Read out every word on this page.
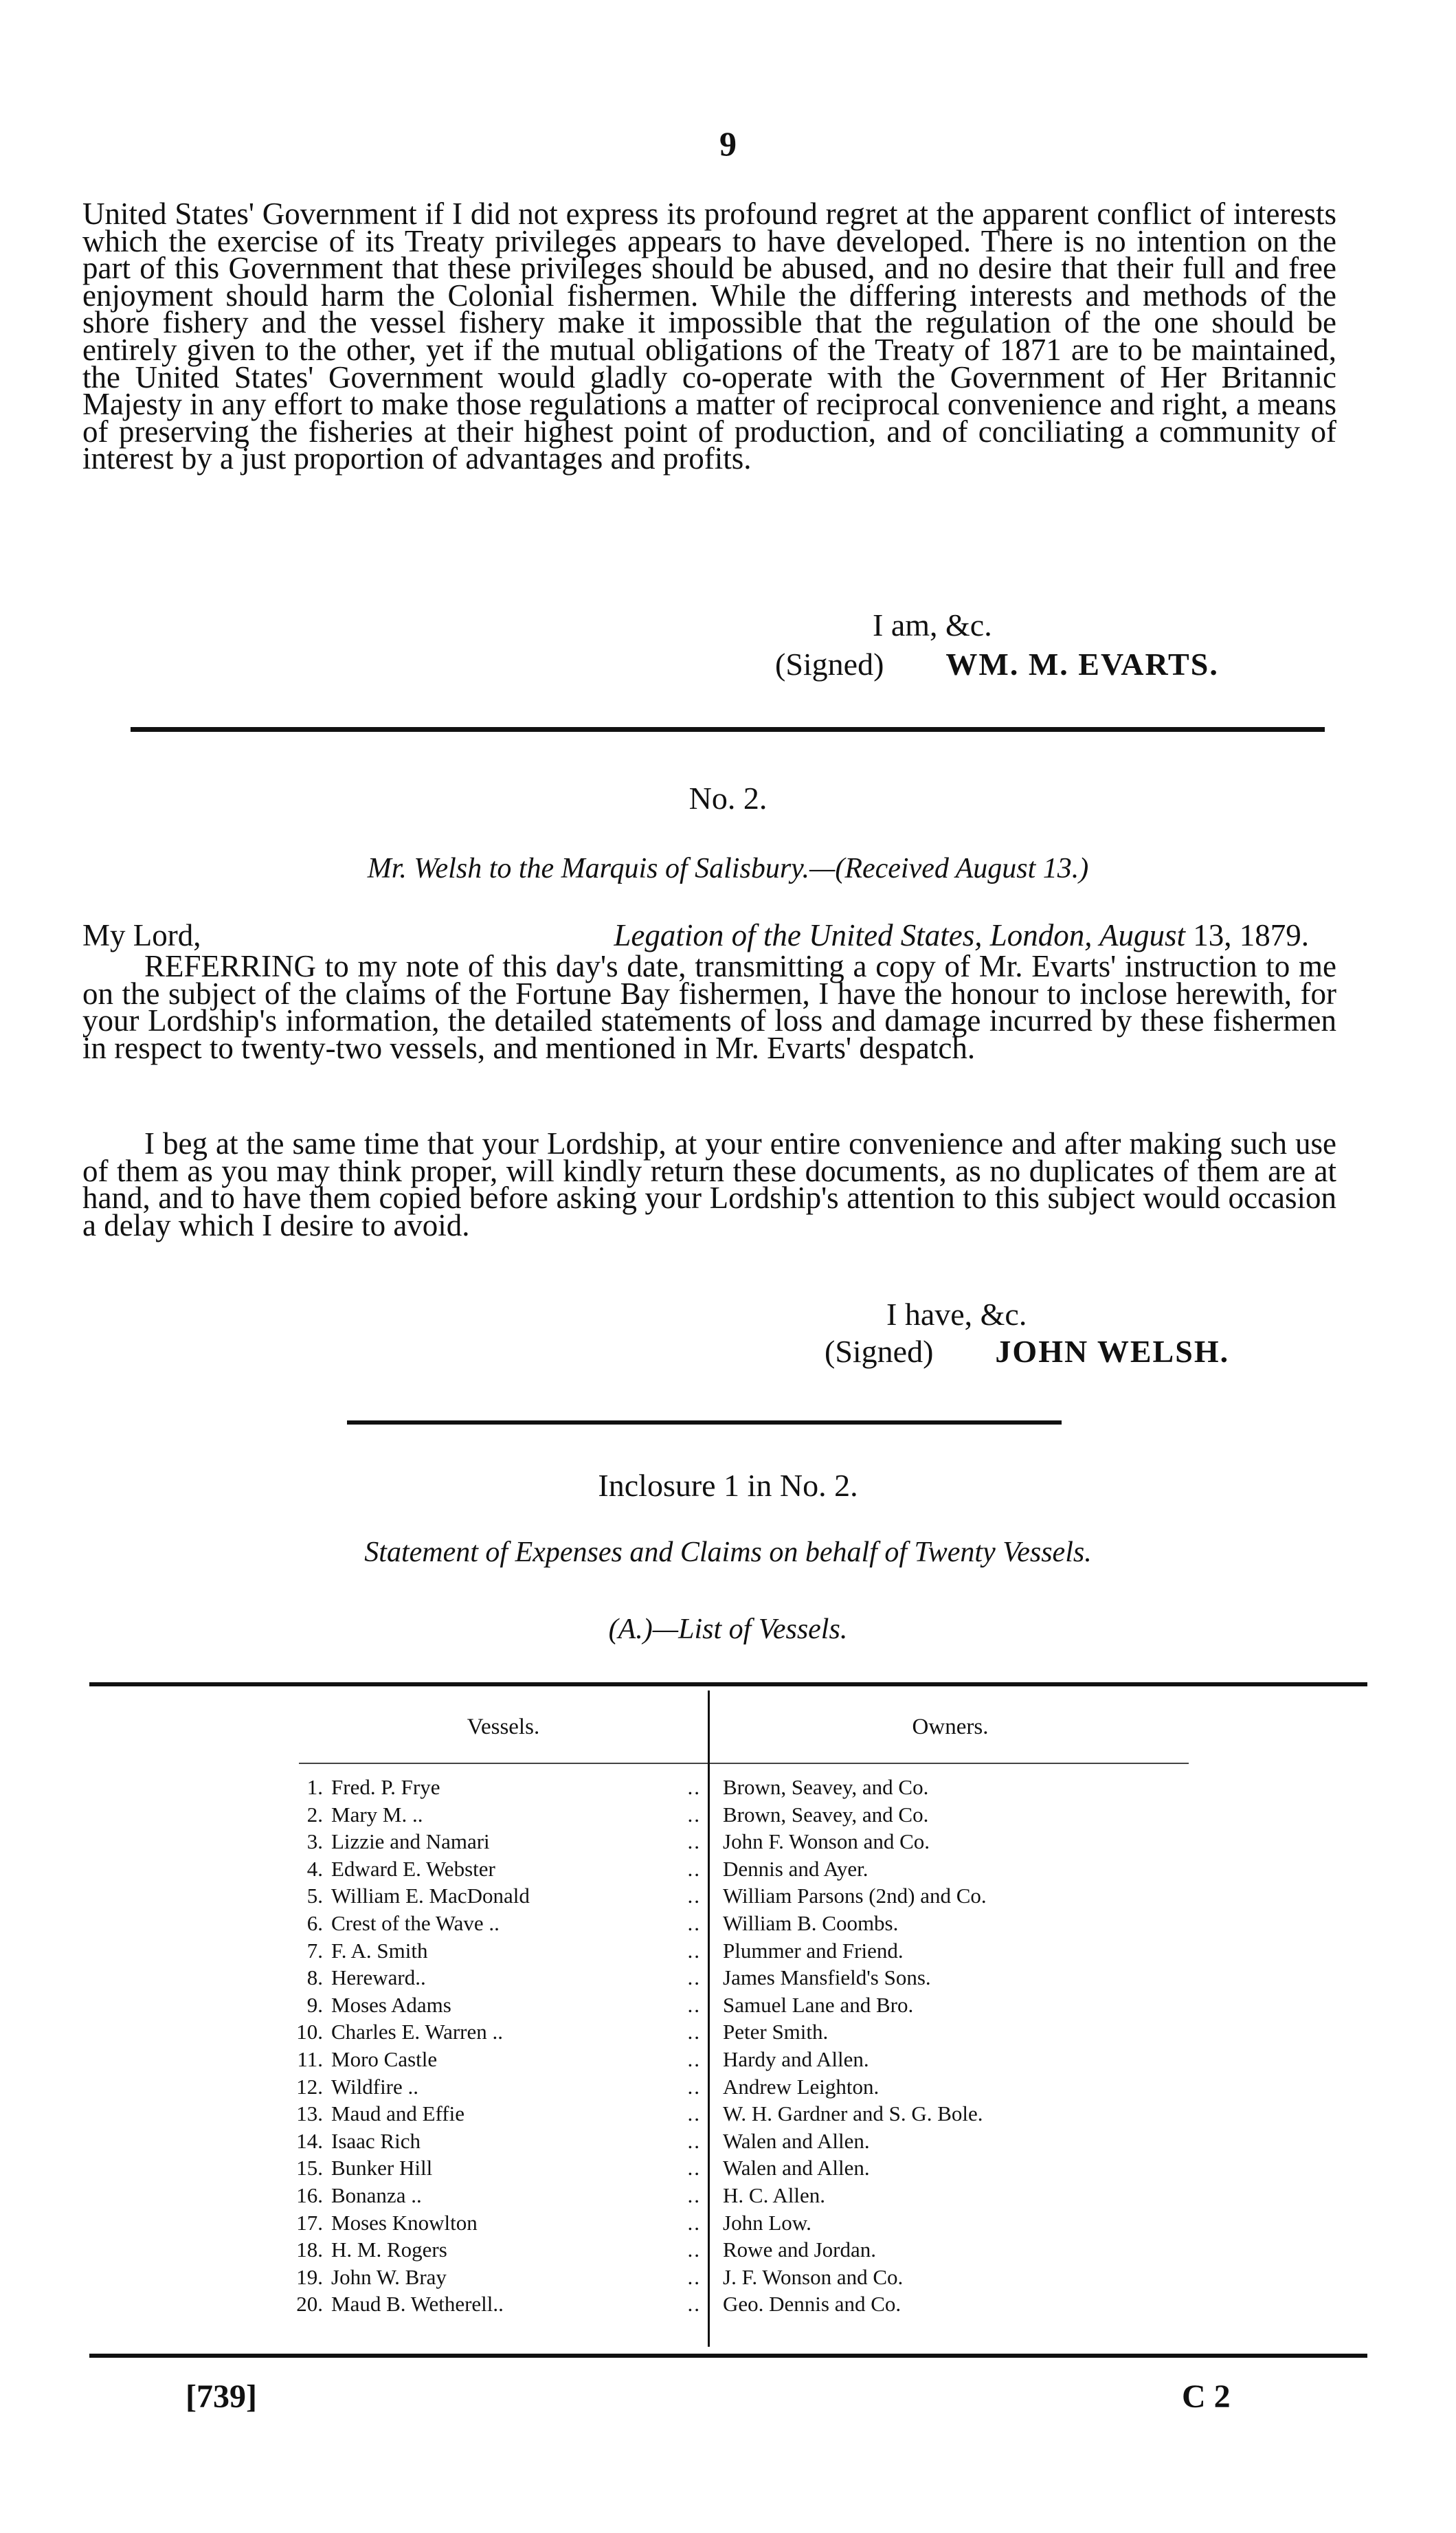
9

United States' Government if I did not express its profound regret at the apparent conflict of interests which the exercise of its Treaty privileges appears to have developed. There is no intention on the part of this Government that these privileges should be abused, and no desire that their full and free enjoyment should harm the Colonial fishermen. While the differing interests and methods of the shore fishery and the vessel fishery make it impossible that the regulation of the one should be entirely given to the other, yet if the mutual obligations of the Treaty of 1871 are to be maintained, the United States' Government would gladly co-operate with the Government of Her Britannic Majesty in any effort to make those regulations a matter of reciprocal convenience and right, a means of preserving the fisheries at their highest point of production, and of conciliating a community of interest by a just proportion of advantages and profits.

I am, &c.

(Signed) WM. M. EVARTS.

No. 2.

Mr. Welsh to the Marquis of Salisbury.—(Received August 13.)

My Lord,	Legation of the United States, London, August 13, 1879.

REFERRING to my note of this day's date, transmitting a copy of Mr. Evarts' instruction to me on the subject of the claims of the Fortune Bay fishermen, I have the honour to inclose herewith, for your Lordship's information, the detailed statements of loss and damage incurred by these fishermen in respect to twenty-two vessels, and mentioned in Mr. Evarts' despatch.

I beg at the same time that your Lordship, at your entire convenience and after making such use of them as you may think proper, will kindly return these documents, as no duplicates of them are at hand, and to have them copied before asking your Lordship's attention to this subject would occasion a delay which I desire to avoid.

I have, &c.

(Signed) JOHN WELSH.

Inclosure 1 in No. 2.

Statement of Expenses and Claims on behalf of Twenty Vessels.

(A.)—List of Vessels.

Vessels.	Owners.
1. Fred. P. Frye	.. Brown, Seavey, and Co.
2. Mary M. ..	.. Brown, Seavey, and Co.
3. Lizzie and Namari	.. John F. Wonson and Co.
4. Edward E. Webster	.. Dennis and Ayer.
5. William E. MacDonald	.. William Parsons (2nd) and Co.
6. Crest of the Wave ..	.. William B. Coombs.
7. F. A. Smith	.. Plummer and Friend.
8. Hereward..	.. James Mansfield's Sons.
9. Moses Adams	.. Samuel Lane and Bro.
10. Charles E. Warren ..	.. Peter Smith.
11. Moro Castle	.. Hardy and Allen.
12. Wildfire ..	.. Andrew Leighton.
13. Maud and Effie	.. W. H. Gardner and S. G. Bole.
14. Isaac Rich	.. Walen and Allen.
15. Bunker Hill	.. Walen and Allen.
16. Bonanza ..	.. H. C. Allen.
17. Moses Knowlton	.. John Low.
18. H. M. Rogers	.. Rowe and Jordan.
19. John W. Bray	.. J. F. Wonson and Co.
20. Maud B. Wetherell..	.. Geo. Dennis and Co.
[739]	C 2
